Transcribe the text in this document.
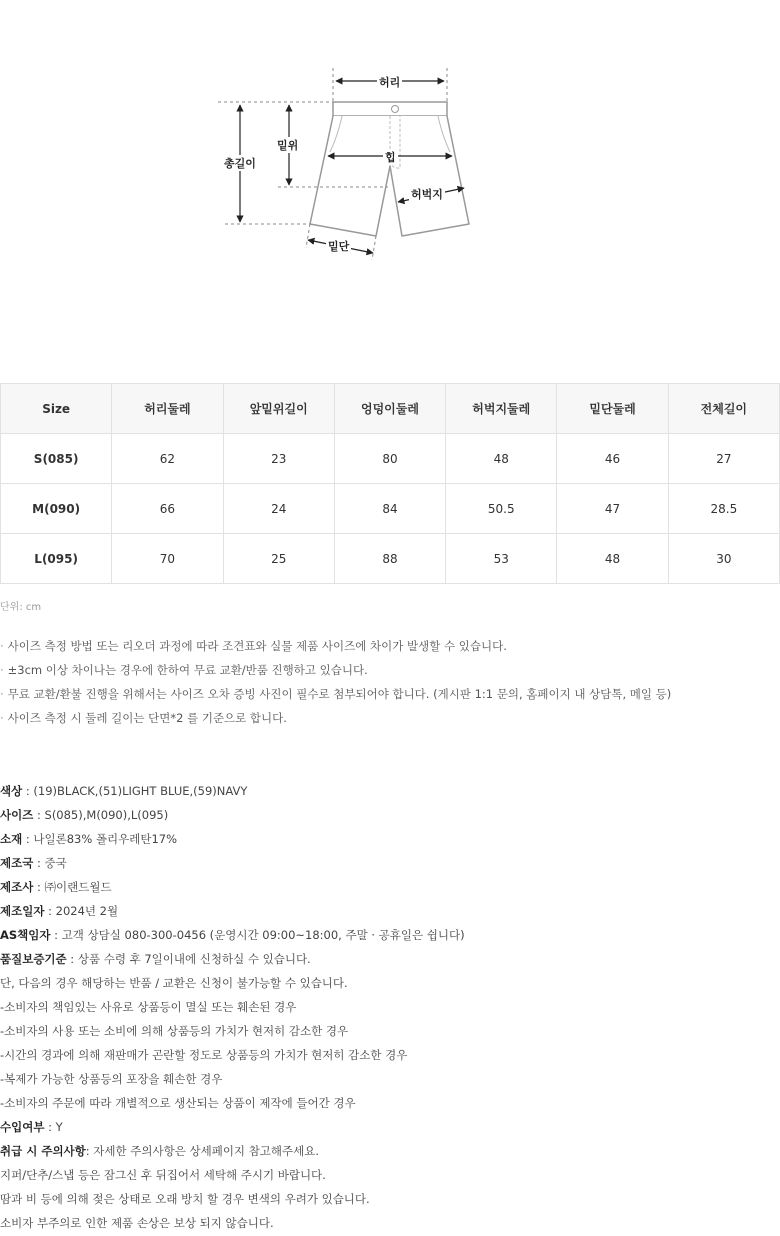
허리
밑위
총길이	힙
허벅지
밑단
Size	허리둘레	앞밑위길이	엉덩이둘레	허벅지둘레	밑단둘레	전체길이
S(085)	62	23	80	48	46	27
M(090)	66	24	84	50.5	47	28.5
L(095)	70	25	88	53	48	30
단위: cm
· 사이즈 측정 방법 또는 리오더 과정에 따라 조견표와 실물 제품 사이즈에 차이가 발생할 수 있습니다.
· ±3cm 이상 차이나는 경우에 한하여 무료 교환/반품 진행하고 있습니다.
· 무료 교환/환불 진행을 위해서는 사이즈 오차 증빙 사진이 필수로 첨부되어야 합니다. (게시판 1:1 문의, 홈페이지 내 상담톡, 메일 등)
· 사이즈 측정 시 둘레 길이는 단면*2 를 기준으로 합니다.
색상 : (19)BLACK,(51)LIGHT BLUE,(59)NAVY
사이즈 : S(085),M(090),L(095)
소재 : 나일론83% 폴리우레탄17%
제조국 : 중국
제조사 : ㈜이랜드월드
제조일자 : 2024년 2월
AS책임자 : 고객 상담실 080-300-0456 (운영시간 09:00~18:00, 주말 · 공휴일은 쉽니다)
품질보증기준 : 상품 수령 후 7일이내에 신청하실 수 있습니다.
단, 다음의 경우 해당하는 반품 / 교환은 신청이 불가능할 수 있습니다.
-소비자의 책임있는 사유로 상품등이 멸실 또는 훼손된 경우
-소비자의 사용 또는 소비에 의해 상품등의 가치가 현저히 감소한 경우
-시간의 경과에 의해 재판매가 곤란할 정도로 상품등의 가치가 현저히 감소한 경우
-복제가 가능한 상품등의 포장을 훼손한 경우
-소비자의 주문에 따라 개별적으로 생산되는 상품이 제작에 들어간 경우
수입여부 : Y
취급 시 주의사항: 자세한 주의사항은 상세페이지 참고해주세요.
지퍼/단추/스냅 등은 잠그신 후 뒤집어서 세탁해 주시기 바랍니다.
땀과 비 등에 의해 젖은 상태로 오래 방치 할 경우 변색의 우려가 있습니다.
소비자 부주의로 인한 제품 손상은 보상 되지 않습니다.
